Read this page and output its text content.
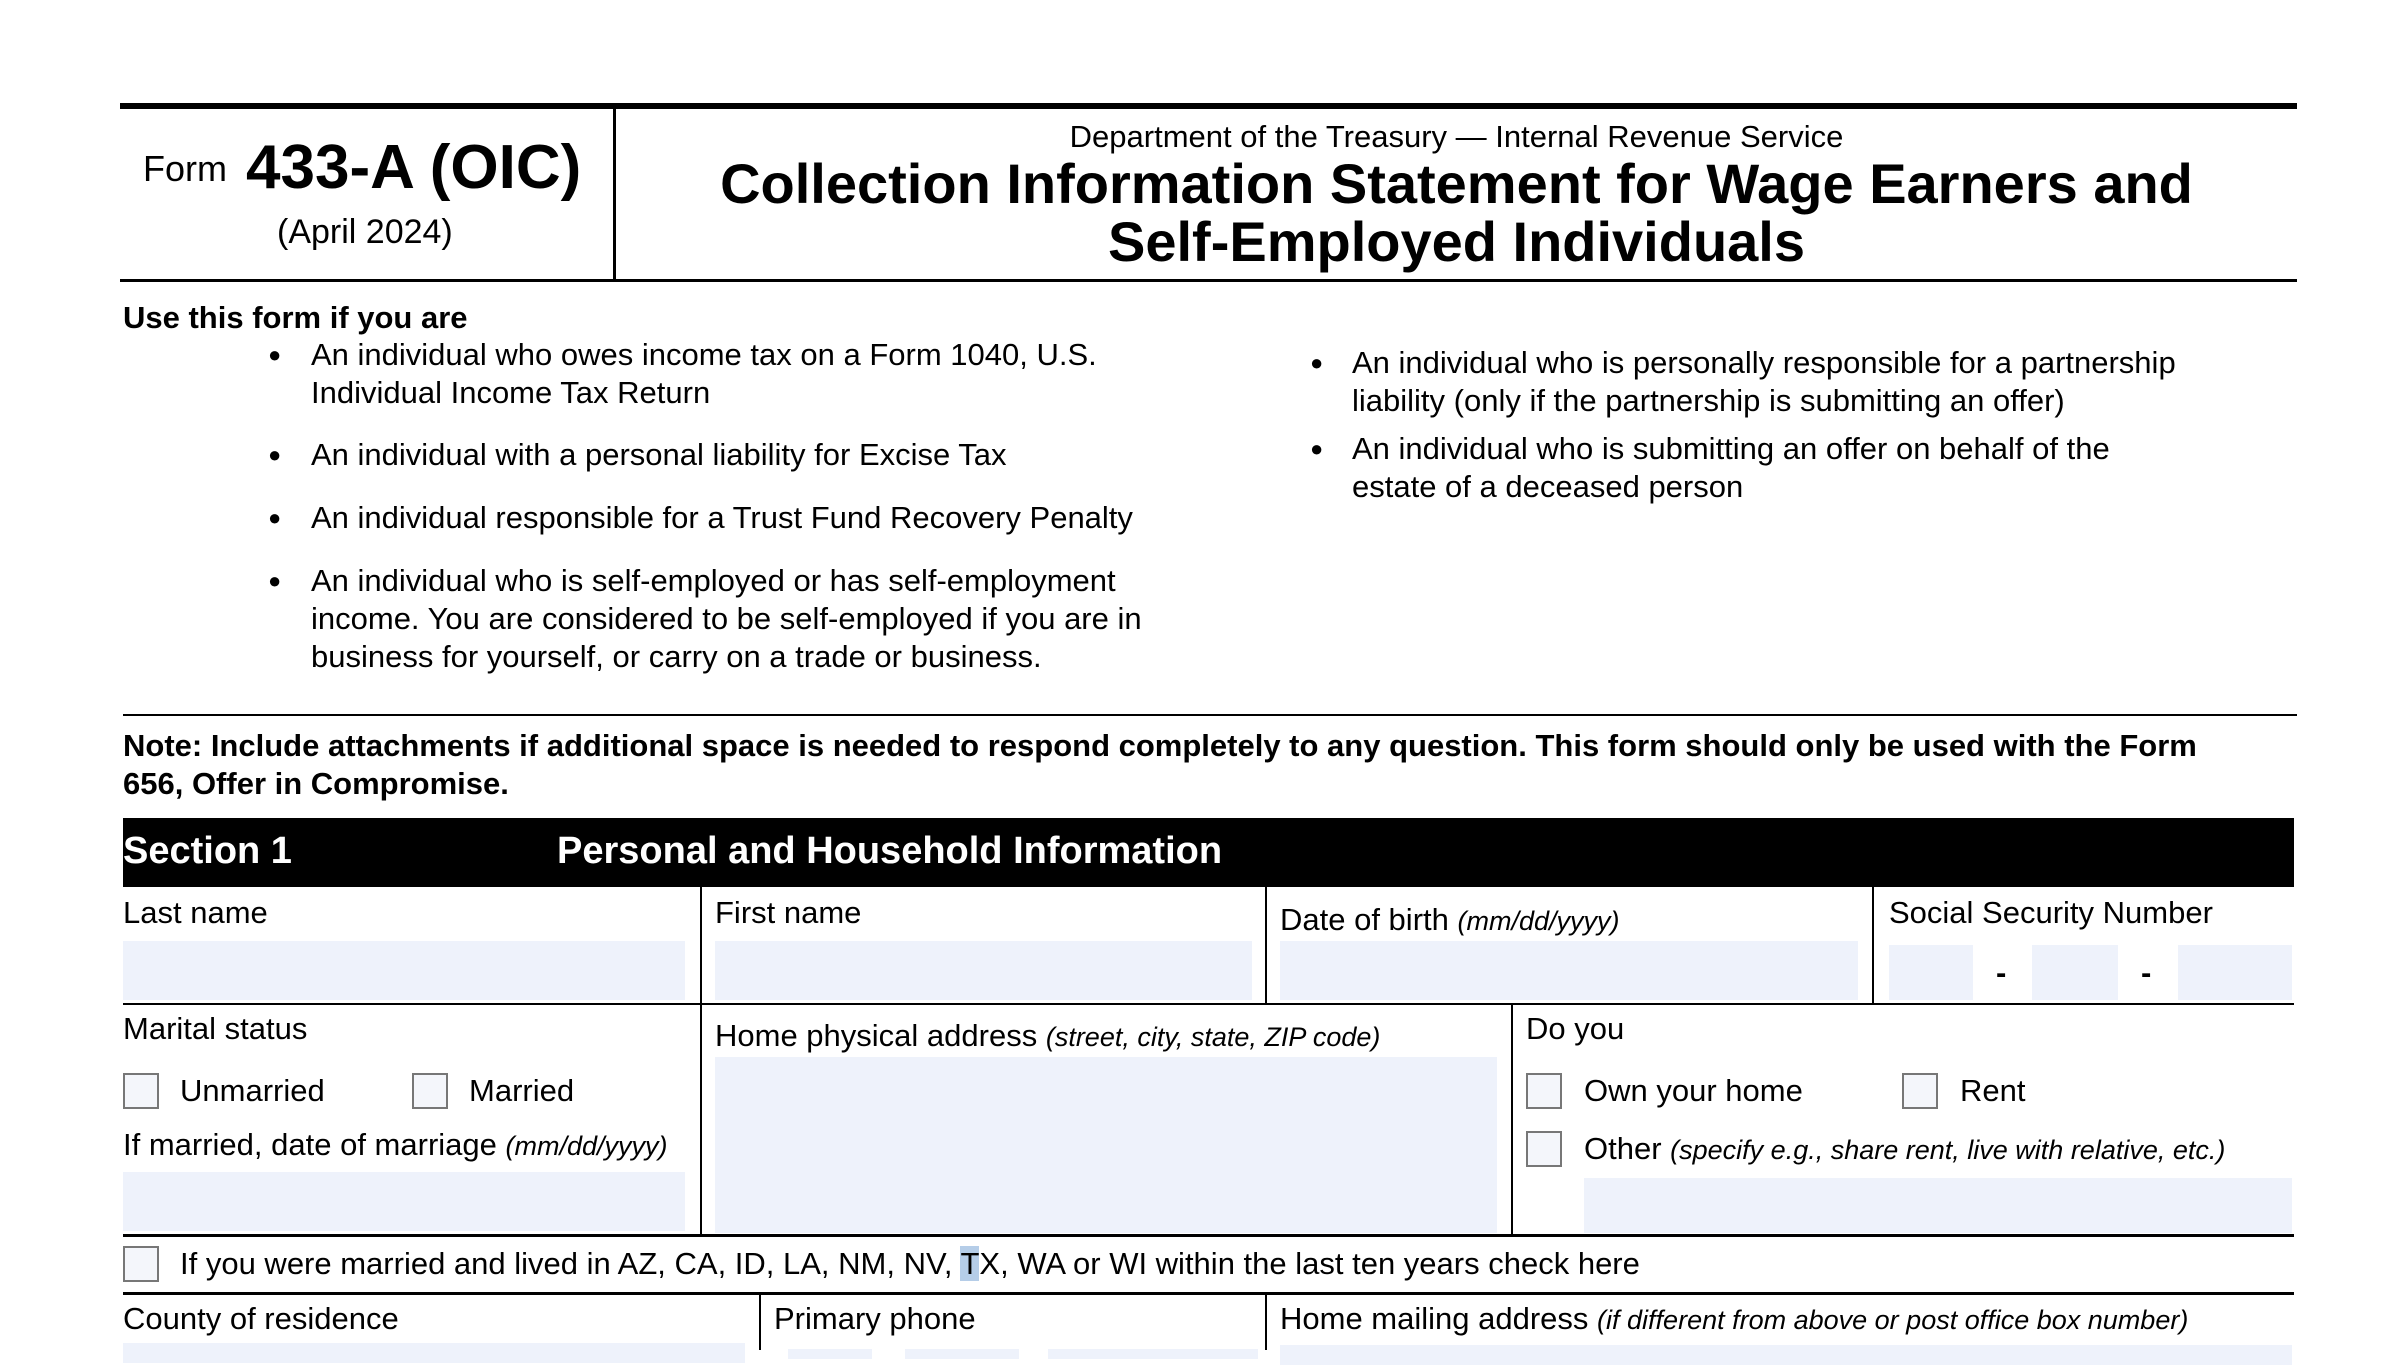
Form 433-A (OIC)
(April 2024)
Department of the Treasury — Internal Revenue Service
Collection Information Statement for Wage Earners and
Self-Employed Individuals
Use this form if you are
● An individual who owes income tax on a Form 1040, U.S.
Individual Income Tax Return
● An individual with a personal liability for Excise Tax
● An individual responsible for a Trust Fund Recovery Penalty
● An individual who is self-employed or has self-employment
income. You are considered to be self-employed if you are in
business for yourself, or carry on a trade or business.
● An individual who is personally responsible for a partnership
liability (only if the partnership is submitting an offer)
● An individual who is submitting an offer on behalf of the
estate of a deceased person
Note: Include attachments if additional space is needed to respond completely to any question. This form should only be used with the Form
656, Offer in Compromise.
Section 1	Personal and Household Information
Last name	First name	Date of birth (mm/dd/yyyy)	Social Security Number
-	-
Marital status
Unmarried	Married
If married, date of marriage (mm/dd/yyyy)
Home physical address (street, city, state, ZIP code)	Do you
Own your home	Rent
Other (specify e.g., share rent, live with relative, etc.)
If you were married and lived in AZ, CA, ID, LA, NM, NV, TX, WA or WI within the last ten years check here
County of residence	Primary phone	Home mailing address (if different from above or post office box number)
